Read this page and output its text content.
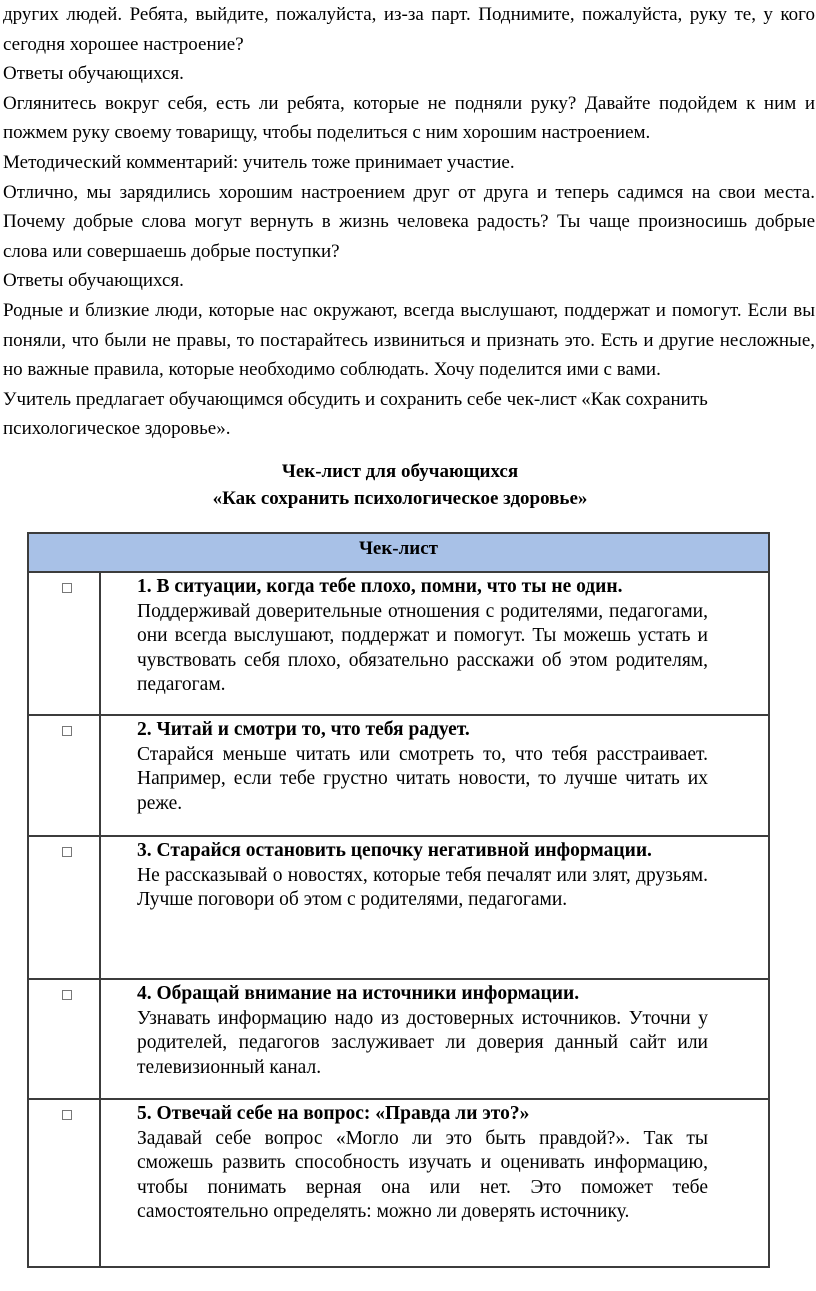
других людей. Ребята, выйдите, пожалуйста, из-за парт. Поднимите, пожалуйста, руку те, у кого сегодня хорошее настроение?

Ответы обучающихся.

Оглянитесь вокруг себя, есть ли ребята, которые не подняли руку? Давайте подойдем к ним и пожмем руку своему товарищу, чтобы поделиться с ним хорошим настроением.

Методический комментарий: учитель тоже принимает участие.

Отлично, мы зарядились хорошим настроением друг от друга и теперь садимся на свои места. Почему добрые слова могут вернуть в жизнь человека радость? Ты чаще произносишь добрые слова или совершаешь добрые поступки?

Ответы обучающихся.

Родные и близкие люди, которые нас окружают, всегда выслушают, поддержат и помогут. Если вы поняли, что были не правы, то постарайтесь извиниться и признать это. Есть и другие несложные, но важные правила, которые необходимо соблюдать. Хочу поделится ими с вами.

Учитель предлагает обучающимся обсудить и сохранить себе чек-лист «Как сохранить психологическое здоровье».

Чек-лист для обучающихся
«Как сохранить психологическое здоровье»
Чек-лист
1. В ситуации, когда тебе плохо, помни, что ты не один.
Поддерживай доверительные отношения с родителями, педагогами, они всегда выслушают, поддержат и помогут. Ты можешь устать и чувствовать себя плохо, обязательно расскажи об этом родителям, педагогам.
2. Читай и смотри то, что тебя радует.
Старайся меньше читать или смотреть то, что тебя расстраивает. Например, если тебе грустно читать новости, то лучше читать их реже.
3. Старайся остановить цепочку негативной информации.
Не рассказывай о новостях, которые тебя печалят или злят, друзьям. Лучше поговори об этом с родителями, педагогами.
4. Обращай внимание на источники информации.
Узнавать информацию надо из достоверных источников. Уточни у родителей, педагогов заслуживает ли доверия данный сайт или телевизионный канал.
5. Отвечай себе на вопрос: «Правда ли это?»
Задавай себе вопрос «Могло ли это быть правдой?». Так ты сможешь развить способность изучать и оценивать информацию, чтобы понимать верная она или нет. Это поможет тебе самостоятельно определять: можно ли доверять источнику.
